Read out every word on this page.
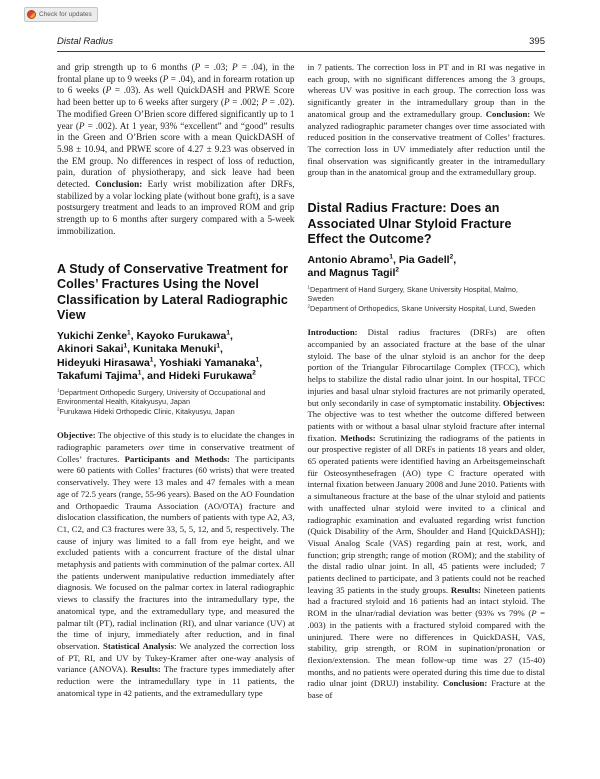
Check for updates
Distal Radius	395

and grip strength up to 6 months (P = .03; P = .04), in the frontal plane up to 9 weeks (P = .04), and in forearm rotation up to 6 weeks (P = .03). As well QuickDASH and PRWE Score had been better up to 6 weeks after surgery (P = .002; P = .02). The modified Green O’Brien score differed significantly up to 1 year (P = .002). At 1 year, 93% “excellent” and “good” results in the Green and O’Brien score with a mean QuickDASH of 5.98 ± 10.94, and PRWE score of 4.27 ± 9.23 was observed in the EM group. No differences in respect of loss of reduction, pain, duration of physiotherapy, and sick leave had been detected. Conclusion: Early wrist mobilization after DRFs, stabilized by a volar locking plate (without bone graft), is a save postsurgery treatment and leads to an improved ROM and grip strength up to 6 months after surgery compared with a 5-week immobilization.

A Study of Conservative Treatment for Colles’ Fractures Using the Novel Classification by Lateral Radiographic View

Yukichi Zenke$^1$, Kayoko Furukawa$^1$,
Akinori Sakai$^1$, Kunitaka Menuki$^1$,
Hideyuki Hirasawa$^1$, Yoshiaki Yamanaka$^1$,
Takafumi Tajima$^1$, and Hideki Furukawa$^2$

$^1$Department Orthopedic Surgery, University of Occupational and Environmental Health, Kitakyusyu, Japan
$^2$Furukawa Hideki Orthopedic Clinic, Kitakyusyu, Japan

Objective: The objective of this study is to elucidate the changes in radiographic parameters over time in conservative treatment of Colles’ fractures. Participants and Methods: The participants were 60 patients with Colles’ fractures (60 wrists) that were treated conservatively. They were 13 males and 47 females with a mean age of 72.5 years (range, 55-96 years). Based on the AO Foundation and Orthopaedic Trauma Association (AO/OTA) fracture and dislocation classification, the numbers of patients with type A2, A3, C1, C2, and C3 fractures were 33, 5, 5, 12, and 5, respectively. The cause of injury was limited to a fall from eye height, and we excluded patients with a concurrent fracture of the distal ulnar metaphysis and patients with comminution of the palmar cortex. All the patients underwent manipulative reduction immediately after diagnosis. We focused on the palmar cortex in lateral radiographic views to classify the fractures into the intramedullary type, the anatomical type, and the extramedullary type, and measured the palmar tilt (PT), radial inclination (RI), and ulnar variance (UV) at the time of injury, immediately after reduction, and in final observation. Statistical Analysis: We analyzed the correction loss of PT, RI, and UV by Tukey-Kramer after one-way analysis of variance (ANOVA). Results: The fracture types immediately after reduction were the intramedullary type in 11 patients, the anatomical type in 42 patients, and the extramedullary type

in 7 patients. The correction loss in PT and in RI was negative in each group, with no significant differences among the 3 groups, whereas UV was positive in each group. The correction loss was significantly greater in the intramedullary group than in the anatomical group and the extramedullary group. Conclusion: We analyzed radiographic parameter changes over time associated with reduced position in the conservative treatment of Colles’ fractures. The correction loss in UV immediately after reduction until the final observation was significantly greater in the intramedullary group than in the anatomical group and the extramedullary group.

Distal Radius Fracture: Does an Associated Ulnar Styloid Fracture Effect the Outcome?

Antonio Abramo$^1$, Pia Gadell$^2$,
and Magnus Tagil$^2$

$^1$Department of Hand Surgery, Skane University Hospital, Malmo, Sweden
$^2$Department of Orthopedics, Skane University Hospital, Lund, Sweden

Introduction: Distal radius fractures (DRFs) are often accompanied by an associated fracture at the base of the ulnar styloid. The base of the ulnar styloid is an anchor for the deep portion of the Triangular Fibrocartilage Complex (TFCC), which helps to stabilize the distal radio ulnar joint. In our hospital, TFCC injuries and basal ulnar styloid fractures are not primarily operated, but only secondarily in case of symptomatic instability. Objectives: The objective was to test whether the outcome differed between patients with or without a basal ulnar styloid fracture after internal fixation. Methods: Scrutinizing the radiograms of the patients in our prospective register of all DRFs in patients 18 years and older, 65 operated patients were identified having an Arbeitsgemeinschaft für Osteosynthesefragen (AO) type C fracture operated with internal fixation between January 2008 and June 2010. Patients with a simultaneous fracture at the base of the ulnar styloid and patients with unaffected ulnar styloid were invited to a clinical and radiographic examination and evaluated regarding wrist function (Quick Disability of the Arm, Shoulder and Hand [QuickDASH]); Visual Analog Scale (VAS) regarding pain at rest, work, and function; grip strength; range of motion (ROM); and the stability of the distal radio ulnar joint. In all, 45 patients were included; 7 patients declined to participate, and 3 patients could not be reached leaving 35 patients in the study groups. Results: Nineteen patients had a fractured styloid and 16 patients had an intact styloid. The ROM in the ulnar/radial deviation was better (93% vs 79% (P = .003) in the patients with a fractured styloid compared with the uninjured. There were no differences in QuickDASH, VAS, stability, grip strength, or ROM in supination/pronation or flexion/extension. The mean follow-up time was 27 (15-40) months, and no patients were operated during this time due to distal radio ulnar joint (DRUJ) instability. Conclusion: Fracture at the base of
